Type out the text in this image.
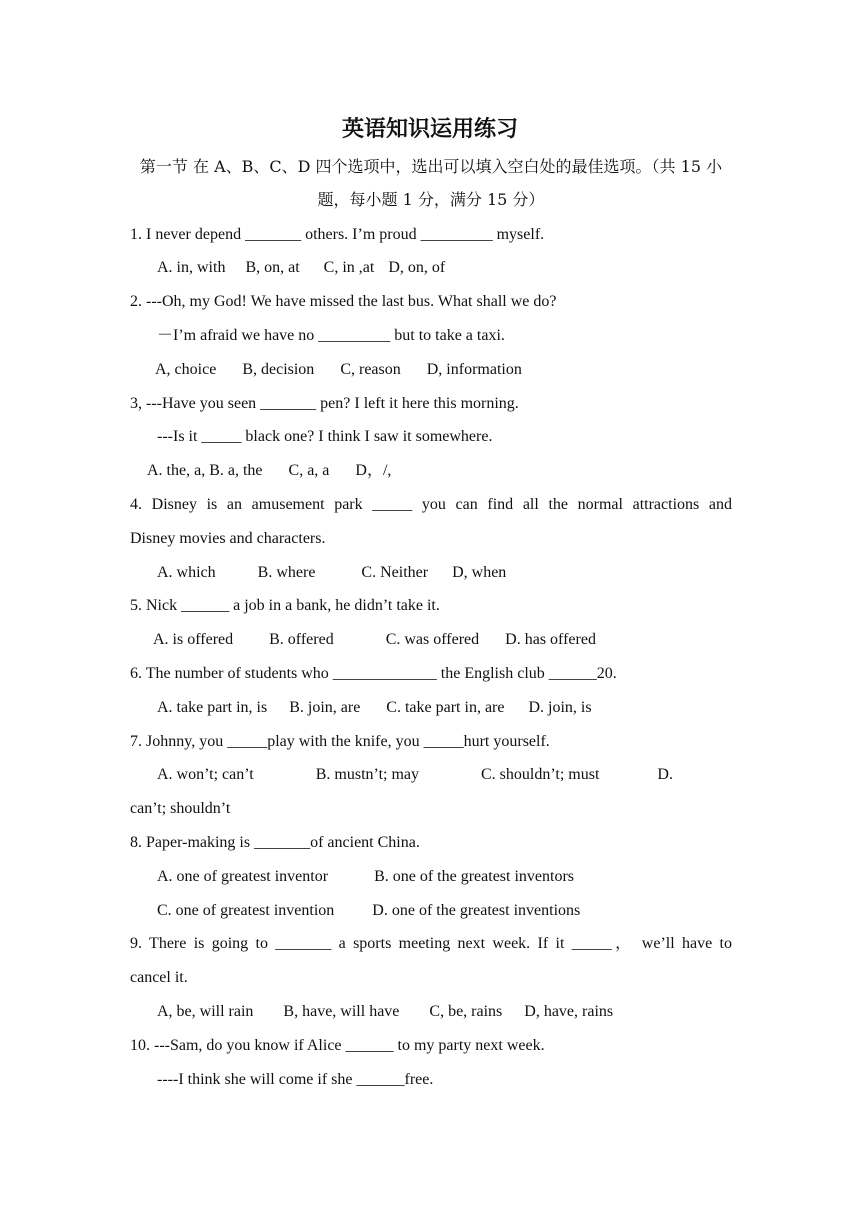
英语知识运用练习
第一节 在 A、B、C、D 四个选项中，选出可以填入空白处的最佳选项。（共 15 小题，每小题 1 分，满分 15 分）
1. I never depend _______ others. I’m proud _________ myself.
A. in, with B, on, at C, in ,at D, on, of
2. ---Oh, my God! We have missed the last bus. What shall we do?
－I’m afraid we have no _________ but to take a taxi.
A, choice B, decision C, reason D, information
3, ---Have you seen _______ pen? I left it here this morning.
---Is it _____ black one? I think I saw it somewhere.
A. the, a, B. a, the C, a, a D，/,
4. Disney is an amusement park _____ you can find all the normal attractions and
Disney movies and characters.
A. which	B. where	C. Neither D, when
5. Nick ______ a job in a bank, he didn’t take it.
A. is offered B. offered	C. was offered D. has offered
6. The number of students who _____________ the English club ______20.
A. take part in, is B. join, are C. take part in, are D. join, is
7. Johnny, you _____play with the knife, you _____hurt yourself.
A. won’t; can’t	B. mustn’t; may	C. shouldn’t; must	D.
can’t; shouldn’t
8. Paper-making is _______of ancient China.
A. one of greatest inventor	B. one of the greatest inventors
C. one of greatest invention D. one of the greatest inventions
9. There is going to _______ a sports meeting next week. If it _____， we’ll have to
cancel it.
A, be, will rain B, have, will have C, be, rains D, have, rains
10. ---Sam, do you know if Alice ______ to my party next week.
----I think she will come if she ______free.
